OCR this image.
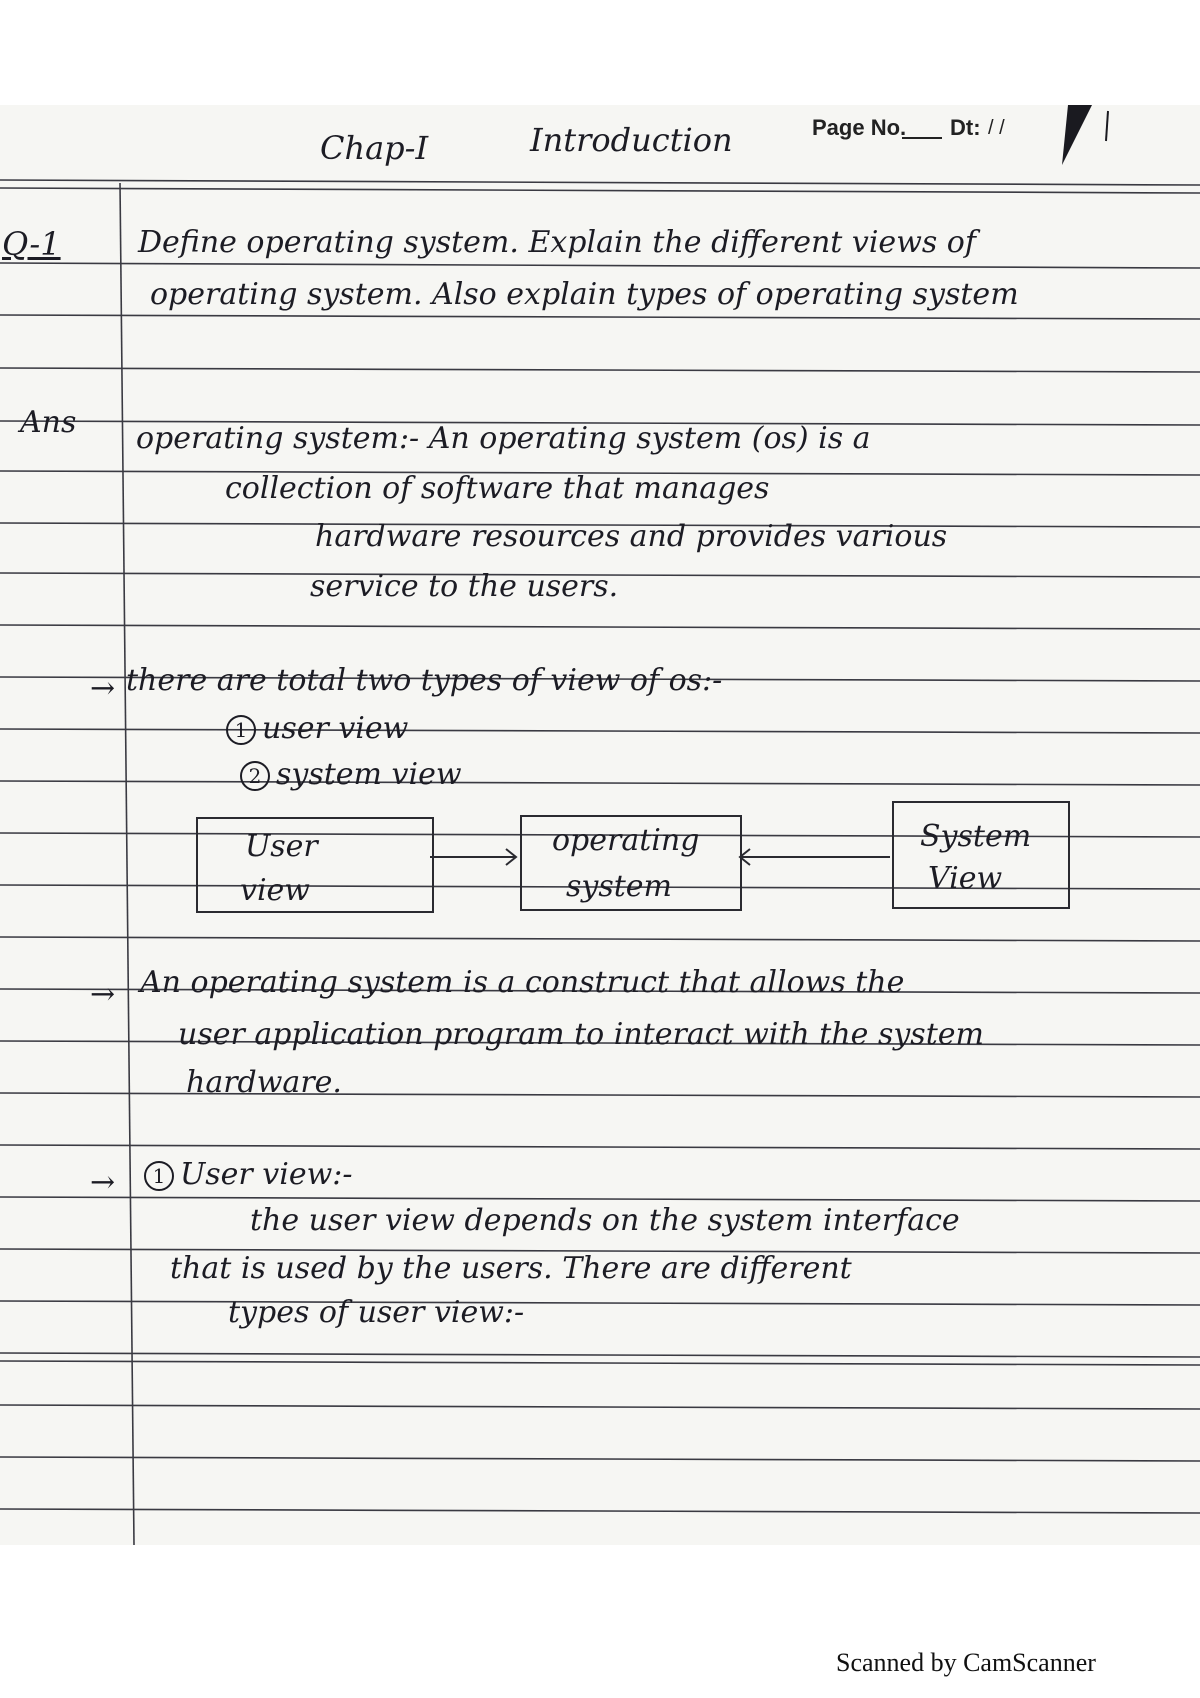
Chap-I	Introduction	Page No. Dt: / /
Q-1	Define operating system. Explain the different views of
operating system. Also explain types of operating system
Ans operating system:- An operating system (os) is a
collection of software that manages
hardware resources and provides various
service to the users.
→ there are total two types of view of os:-
1 user view
2 system view
User
view
operating
system
System
View
→ An operating system is a construct that allows the
user application program to interact with the system
hardware.
→	1 User view:-
the user view depends on the system interface
that is used by the users. There are different
types of user view:-
Scanned by CamScanner
